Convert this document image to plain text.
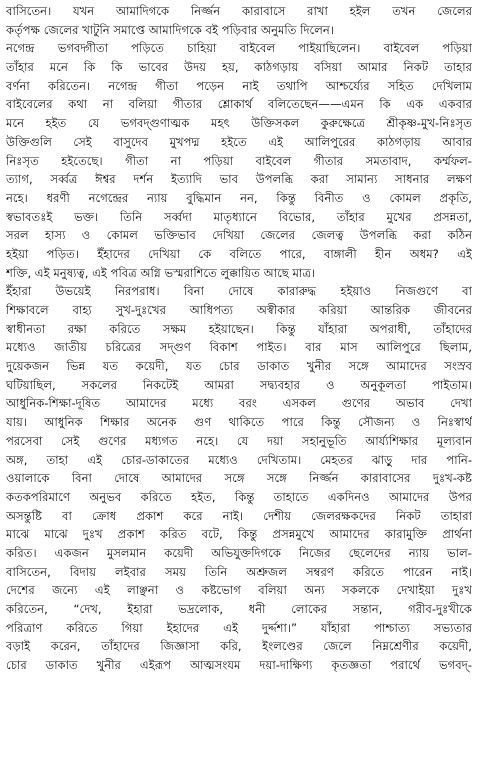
বাসিতেন। যখন আমাদিগকে নির্জ্জন কারাবাসে রাখা হইল তখন জেলের
কর্তৃপক্ষ জেলের খাটুনি সমাপ্তে আমাদিগকে বই পড়িবার অনুমতি দিলেন।
নগেন্দ্র ভগবদ্গীতা পড়িতে চাহিয়া বাইবেল পাইয়াছিলেন। বাইবেল পড়িয়া
তাঁহার মনে কি কি ভাবের উদয় হয়, কাঠগড়ায় বসিয়া আমার নিকট তাহার
বর্ণনা করিতেন। নগেন্দ্র গীতা পড়েন নাই তথাপি আশ্চর্য্যের সহিত দেখিলাম
বাইবেলের কথা না বলিয়া গীতার শ্লোকার্থ বলিতেছেন——এমন কি এক একবার
মনে হইত যে ভগবদ্গুণাত্মক মহৎ উক্তিসকল কুরুক্ষেত্রে শ্রীকৃষ্ণ-মুখ-নিঃসৃত
উক্তিগুলি সেই বাসুদেব মুখপদ্ম হইতে এই আলিপুরের কাঠগড়ায় আবার
নিঃসৃত হইতেছে। গীতা না পড়িয়া বাইবেল গীতার সমতাবাদ, কর্ম্মফল-
ত্যাগ, সর্ব্বত্র ঈশ্বর দর্শন ইত্যাদি ভাব উপলব্ধি করা সামান্য সাধনার লক্ষণ
নহে। ধরণী নগেন্দ্রের ন্যায় বুদ্ধিমান নন, কিন্তু বিনীত ও কোমল প্রকৃতি,
স্বভাবতঃই ভক্ত। তিনি সর্ব্বদা মাতৃধ্যানে বিভোর, তাঁহার মুখের প্রসন্নতা,
সরল হাস্য ও কোমল ভক্তিভাব দেখিয়া জেলের জেলত্ব উপলব্ধি করা কঠিন
হইয়া পড়িত। ইঁহাদের দেখিয়া কে বলিতে পারে, বাঙ্গালী হীন অধম? এই
শক্তি, এই মনুষ্যত্ব, এই পবিত্র অগ্নি ভস্মরাশিতে লুক্কায়িত আছে মাত্র।
ইঁহারা উভয়েই নিরপরাধ। বিনা দোষে কারারুদ্ধ হইয়াও নিজগুণে বা
শিক্ষাবলে বাহ্য সুখ-দুঃখের আধিপত্য অস্বীকার করিয়া আন্তরিক জীবনের
স্বাধীনতা রক্ষা করিতে সক্ষম হইয়াছেন। কিন্তু যাঁহারা অপরাধী, তাঁহাদের
মধ্যেও জাতীয় চরিত্রের সদ্গুণ বিকাশ পাইত। বার মাস আলিপুরে ছিলাম,
দুয়েকজন ভিন্ন যত কয়েদী, যত চোর ডাকাত খুনীর সঙ্গে আমাদের সংস্রব
ঘটিয়াছিল, সকলের নিকটেই আমরা সদ্ব্যবহার ও অনুকূলতা পাইতাম।
আধুনিক-শিক্ষা-দূষিত আমাদের মধ্যে বরং এসকল গুণের অভাব দেখা
যায়। আধুনিক শিক্ষার অনেক গুণ থাকিতে পারে কিন্তু সৌজন্য ও নিঃস্বার্থ
পরসেবা সেই গুণের মধ্যগত নহে। যে দয়া সহানুভূতি আর্য্যশিক্ষার মূল্যবান
অঙ্গ, তাহা এই চোর-ডাকাতের মধ্যেও দেখিতাম। মেহতর ঝাড়ু দার পানি-
ওয়ালাকে বিনা দোষে আমাদের সঙ্গে সঙ্গে নির্জ্জন কারাবাসের দুঃখ-কষ্ট
কতকপরিমাণে অনুভব করিতে হইত, কিন্তু তাহাতে একদিনও আমাদের উপর
অসন্তুষ্টি বা ক্রোধ প্রকাশ করে নাই। দেশীয় জেলরক্ষকদের নিকট তাহারা
মাঝে মাঝে দুঃখ প্রকাশ করিত বটে, কিন্তু প্রসন্নমুখে আমাদের কারামুক্তি প্রার্থনা
করিত। একজন মুসলমান কয়েদী অভিযুক্তদিগকে নিজের ছেলেদের ন্যায় ভাল-
বাসিতেন, বিদায় লইবার সময় তিনি অশ্রুজল সম্বরণ করিতে পারেন নাই।
দেশের জন্যে এই লাঞ্ছনা ও কষ্টভোগ বলিয়া অন্য সকলকে দেখাইয়া দুঃখ
করিতেন, “দেখ, ইহারা ভদ্রলোক, ধনী লোকের সন্তান, গরীব-দুঃখীকে
পরিত্রাণ করিতে গিয়া ইহাদের এই দুর্দ্দশা।” যাঁহারা পাশ্চাত্য সভ্যতার
বড়াই করেন, তাঁহাদের জিজ্ঞাসা করি, ইংলণ্ডের জেলে নিম্নশ্রেণীর কয়েদী,
চোর ডাকাত খুনীর এইরূপ আত্মসংযম দয়া-দাক্ষিণ্য কৃতজ্ঞতা পরার্থে ভগবদ্-
